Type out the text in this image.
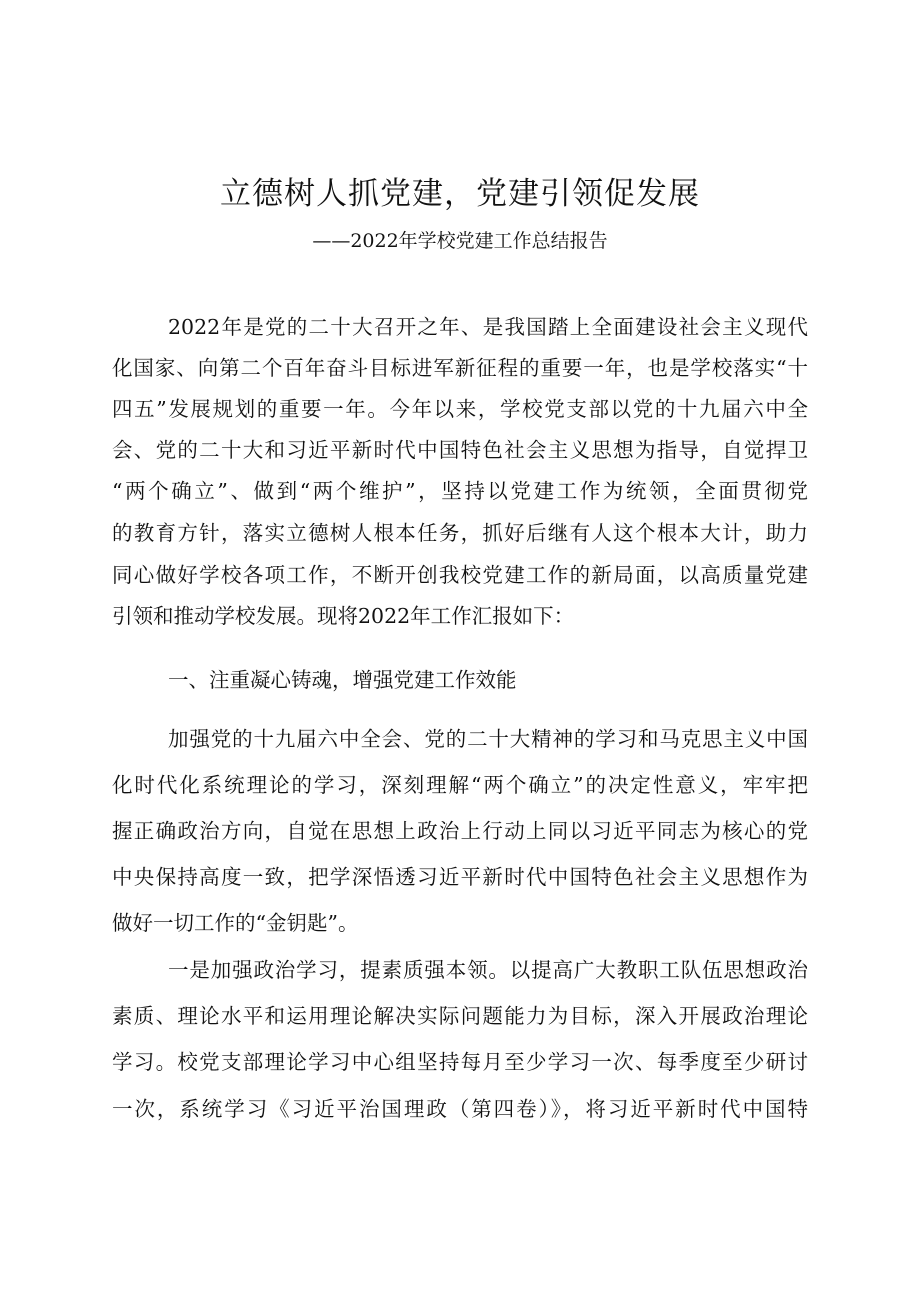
立德树人抓党建，党建引领促发展
——2022年学校党建工作总结报告
2022年是党的二十大召开之年、是我国踏上全面建设社会主义现代
化国家、向第二个百年奋斗目标进军新征程的重要一年，也是学校落实“十
四五”发展规划的重要一年。今年以来，学校党支部以党的十九届六中全
会、党的二十大和习近平新时代中国特色社会主义思想为指导，自觉捍卫
“两个确立”、做到“两个维护”，坚持以党建工作为统领，全面贯彻党
的教育方针，落实立德树人根本任务，抓好后继有人这个根本大计，助力
同心做好学校各项工作，不断开创我校党建工作的新局面，以高质量党建
引领和推动学校发展。现将2022年工作汇报如下：
一、注重凝心铸魂，增强党建工作效能
加强党的十九届六中全会、党的二十大精神的学习和马克思主义中国
化时代化系统理论的学习，深刻理解“两个确立”的决定性意义，牢牢把
握正确政治方向，自觉在思想上政治上行动上同以习近平同志为核心的党
中央保持高度一致，把学深悟透习近平新时代中国特色社会主义思想作为
做好一切工作的“金钥匙”。
一是加强政治学习，提素质强本领。以提高广大教职工队伍思想政治
素质、理论水平和运用理论解决实际问题能力为目标，深入开展政治理论
学习。校党支部理论学习中心组坚持每月至少学习一次、每季度至少研讨
一次，系统学习《习近平治国理政（第四卷）》，将习近平新时代中国特
